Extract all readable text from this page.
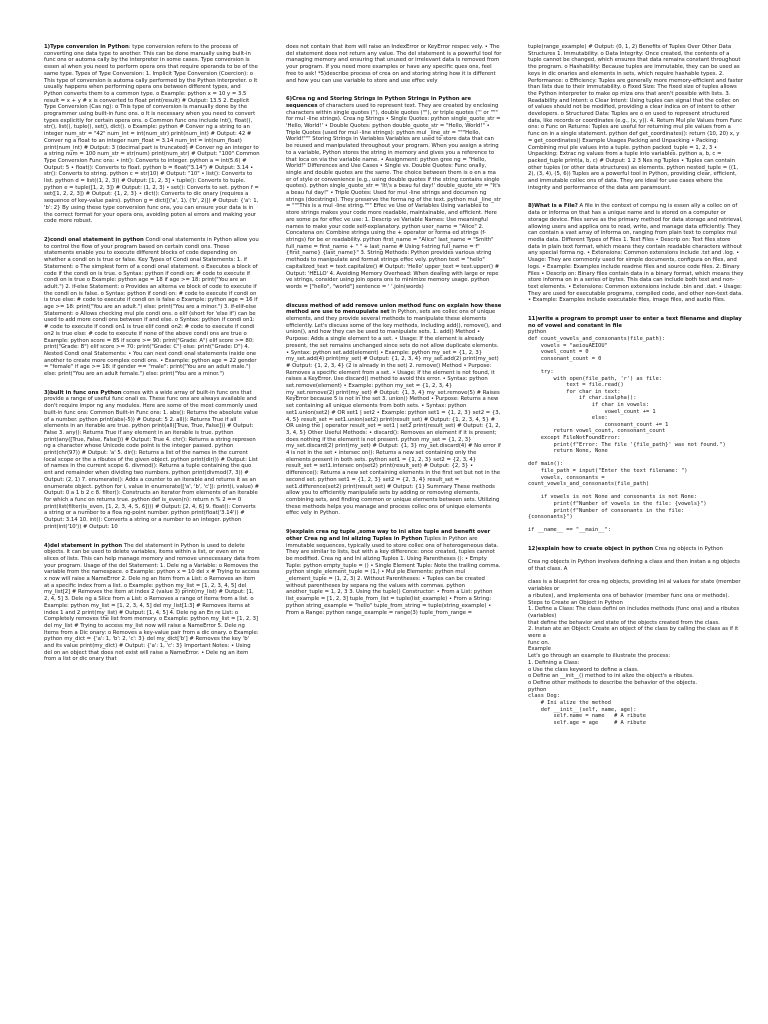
1)Type conversion in Python: type conversion refers to the process of converting one data type to another. This can be done manually using built-in func ons or automa cally by the interpreter in some cases. Type conversion is essen al when you need to perform opera ons that require operands to be of the same type. Types of Type Conversion: 1. Implicit Type Conversion (Coercion): o This type of conversion is automa cally performed by the Python interpreter. o It usually happens when performing opera ons between different types, and Python converts them to a common type. o Example: python x = 10 y = 3.5 result = x + y # x is converted to float print(result) # Output: 13.5 2. Explicit Type Conversion (Cas ng): o This type of conversion is manually done by the programmer using built-in func ons. o It is necessary when you need to convert types explicitly for certain opera ons. o Common func ons include int(), float(), str(), list(), tuple(), set(), dict(). o Example: python # Conver ng a string to an integer num_str = "42" num_int = int(num_str) print(num_int) # Output: 42 # Conver ng a float to an integer num_float = 3.14 num_int = int(num_float) print(num_int) # Output: 3 (decimal part is truncated) # Conver ng an integer to a string num = 100 num_str = str(num) print(num_str) # Output: "100" Common Type Conversion Func ons: • int(): Converts to integer. python a = int(5.6) # Output: 5 • float(): Converts to float. python b = float("3.14") # Output: 3.14 • str(): Converts to string. python c = str(10) # Output: "10" • list(): Converts to list. python d = list((1, 2, 3)) # Output: [1, 2, 3] • tuple(): Converts to tuple. python e = tuple([1, 2, 3]) # Output: (1, 2, 3) • set(): Converts to set. python f = set([1, 2, 2, 3]) # Output: {1, 2, 3} • dict(): Converts to dic onary (requires a sequence of key-value pairs). python g = dict([('a', 1), ('b', 2)]) # Output: {'a': 1, 'b': 2} By using these type conversion func ons, you can ensure your data is in the correct format for your opera ons, avoiding poten al errors and making your code more robust.
2)condi onal statement in python Condi onal statements in Python allow you to control the flow of your program based on certain condi ons. These statements enable you to execute different blocks of code depending on whether a condi on is true or false. Key Types of Condi onal Statements: 1. if Statement: o The simplest form of a condi onal statement. o Executes a block of code if the condi on is true. o Syntax: python if condi on: # code to execute if condi on is true o Example: python age = 18 if age >= 18: print("You are an adult.") 2. if-else Statement: o Provides an alterna ve block of code to execute if the condi on is false. o Syntax: python if condi on: # code to execute if condi on is true else: # code to execute if condi on is false o Example: python age = 16 if age >= 18: print("You are an adult.") else: print("You are a minor.") 3. if-elif-else Statement: o Allows checking mul ple condi ons. o elif (short for 'else if') can be used to add more condi ons between if and else. o Syntax: python if condi on1: # code to execute if condi on1 is true elif condi on2: # code to execute if condi on2 is true else: # code to execute if none of the above condi ons are true o Example: python score = 85 if score >= 90: print("Grade: A") elif score >= 80: print("Grade: B") elif score >= 70: print("Grade: C") else: print("Grade: D") 4. Nested Condi onal Statements: • You can nest condi onal statements inside one another to create more complex condi ons. • Example: python age = 22 gender = "female" if age >= 18: if gender == "male": print("You are an adult male.") else: print("You are an adult female.") else: print("You are a minor.")
3)built in func ons Python comes with a wide array of built-in func ons that provide a range of useful func onali es. These func ons are always available and don't require impor ng any modules. Here are some of the most commonly used built-in func ons: Common Built-in Func ons: 1. abs(): Returns the absolute value of a number. python print(abs(-5)) # Output: 5 2. all(): Returns True if all elements in an iterable are true. python print(all([True, True, False])) # Output: False 3. any(): Returns True if any element in an iterable is true. python print(any([True, False, False])) # Output: True 4. chr(): Returns a string represen ng a character whose Unicode code point is the integer passed. python print(chr(97)) # Output: 'a' 5. dir(): Returns a list of the names in the current local scope or the a ributes of the given object. python print(dir()) # Output: List of names in the current scope 6. divmod(): Returns a tuple containing the quo ent and remainder when dividing two numbers. python print(divmod(7, 3)) # Output: (2, 1) 7. enumerate(): Adds a counter to an iterable and returns it as an enumerate object. python for i, value in enumerate(['a', 'b', 'c']): print(i, value) # Output: 0 a 1 b 2 c 8. filter(): Constructs an iterator from elements of an iterable for which a func on returns true. python def is_even(n): return n % 2 == 0 print(list(filter(is_even, [1, 2, 3, 4, 5, 6]))) # Output: [2, 4, 6] 9. float(): Converts a string or a number to a floa ng-point number. python print(float('3.14')) # Output: 3.14 10. int(): Converts a string or a number to an integer. python print(int('10')) # Output: 10
4)del statement in python The del statement in Python is used to delete objects. It can be used to delete variables, items within a list, or even en re slices of lists. This can help manage memory and remove unnecessary data from your program. Usage of the del Statement: 1. Dele ng a Variable: o Removes the variable from the namespace. o Example: python x = 10 del x # Trying to access x now will raise a NameError 2. Dele ng an Item from a List: o Removes an item at a specific index from a list. o Example: python my_list = [1, 2, 3, 4, 5] del my_list[2] # Removes the item at index 2 (value 3) print(my_list) # Output: [1, 2, 4, 5] 3. Dele ng a Slice from a List: o Removes a range of items from a list. o Example: python my_list = [1, 2, 3, 4, 5] del my_list[1:3] # Removes items at index 1 and 2 print(my_list) # Output: [1, 4, 5] 4. Dele ng an En re List: o Completely removes the list from memory. o Example: python my_list = [1, 2, 3] del my_list # Trying to access my_list now will raise a NameError 5. Dele ng Items from a Dic onary: o Removes a key-value pair from a dic onary. o Example: python my_dict = {'a': 1, 'b': 2, 'c': 3} del my_dict['b'] # Removes the key 'b' and its value print(my_dict) # Output: {'a': 1, 'c': 3} Important Notes: • Using del on an object that does not exist will raise a NameError. • Dele ng an item from a list or dic onary that
does not contain that item will raise an IndexError or KeyError respec vely. • The del statement does not return any value. The del statement is a powerful tool for managing memory and ensuring that unused or irrelevant data is removed from your program. If you need more examples or have any specific ques ons, feel free to ask! *5)describe process of crea on and storing string how it is different and how you can use variable to store and use effec vely
6)Crea ng and Storing Strings in Python Strings in Python are sequences of characters used to represent text. They are created by enclosing characters within single quotes (''), double quotes (""), or triple quotes (''' or """ for mul -line strings). Crea ng Strings • Single Quotes: python single_quote_str = 'Hello, World!' • Double Quotes: python double_quote_str = "Hello, World!" • Triple Quotes (used for mul -line strings): python mul _line_str = """Hello, World!""" Storing Strings in Variables Variables are used to store data that can be reused and manipulated throughout your program. When you assign a string to a variable, Python stores the string in memory and gives you a reference to that loca on via the variable name. • Assignment: python gree ng = "Hello, World!" Differences and Use Cases • Single vs. Double Quotes: Func onally, single and double quotes are the same. The choice between them is o en a ma er of style or convenience (e.g., using double quotes if the string contains single quotes). python single_quote_str = 'It\'s a beau ful day!' double_quote_str = "It's a beau ful day!" • Triple Quotes: Used for mul -line strings and documen ng strings (docstrings). They preserve the forma ng of the text. python mul _line_str = """This is a mul -line string.""" Effec ve Use of Variables Using variables to store strings makes your code more readable, maintainable, and efficient. Here are some ps for effec ve use: 1. Descrip ve Variable Names: Use meaningful names to make your code self-explanatory. python user_name = "Alice" 2. Concatena on: Combine strings using the + operator or forma ed strings (f-strings) for be er readability. python first_name = "Alice" last_name = "Smith" full_name = first_name + " " + last_name # Using f-string full_name = f"{first_name} {last_name}" 3. String Methods: Python provides various string methods to manipulate and format strings effec vely. python text = "hello" capitalized_text = text.capitalize() # Output: 'Hello' upper_text = text.upper() # Output: 'HELLO' 4. Avoiding Memory Overhead: When dealing with large or repe ve strings, consider using join opera ons to minimize memory usage. python words = ["hello", "world"] sentence = ' '.join(words)
discuss method of add remove union method func on explain how these method are use to menupulate set In Python, sets are collec ons of unique elements, and they provide several methods to manipulate these elements efficiently. Let's discuss some of the key methods, including add(), remove(), and union(), and how they can be used to manipulate sets. 1. add() Method • Purpose: Adds a single element to a set. • Usage: If the element is already present, the set remains unchanged since sets do not allow duplicate elements. • Syntax: python set.add(element) • Example: python my_set = {1, 2, 3} my_set.add(4) print(my_set) # Output: {1, 2, 3, 4} my_set.add(2) print(my_set) # Output: {1, 2, 3, 4} (2 is already in the set) 2. remove() Method • Purpose: Removes a specific element from a set. • Usage: If the element is not found, it raises a KeyError. Use discard() method to avoid this error. • Syntax: python set.remove(element) • Example: python my_set = {1, 2, 3, 4} my_set.remove(2) print(my_set) # Output: {1, 3, 4} my_set.remove(5) # Raises KeyError because 5 is not in the set 3. union() Method • Purpose: Returns a new set containing all unique elements from both sets. • Syntax: python set1.union(set2) # OR set1 | set2 • Example: python set1 = {1, 2, 3} set2 = {3, 4, 5} result_set = set1.union(set2) print(result_set) # Output: {1, 2, 3, 4, 5} # OR using the | operator result_set = set1 | set2 print(result_set) # Output: {1, 2, 3, 4, 5} Other Useful Methods: • discard(): Removes an element if it is present; does nothing if the element is not present. python my_set = {1, 2, 3} my_set.discard(2) print(my_set) # Output: {1, 3} my_set.discard(4) # No error if 4 is not in the set • intersec on(): Returns a new set containing only the elements present in both sets. python set1 = {1, 2, 3} set2 = {2, 3, 4} result_set = set1.intersec on(set2) print(result_set) # Output: {2, 3} • difference(): Returns a new set containing elements in the first set but not in the second set. python set1 = {1, 2, 3} set2 = {2, 3, 4} result_set = set1.difference(set2) print(result_set) # Output: {1} Summary These methods allow you to efficiently manipulate sets by adding or removing elements, combining sets, and finding common or unique elements between sets. Utilizing these methods helps you manage and process collec ons of unique elements effec vely in Python.
9)explain crea ng tuple ,some way to ini alize tuple and benefit over other Crea ng and Ini alizing Tuples in Python Tuples in Python are immutable sequences, typically used to store collec ons of heterogeneous data. They are similar to lists, but with a key difference: once created, tuples cannot be modified. Crea ng and Ini alizing Tuples 1. Using Parentheses (): • Empty Tuple: python empty_tuple = () • Single Element Tuple: Note the trailing comma. python single_element_tuple = (1,) • Mul ple Elements: python mul _element_tuple = (1, 2, 3) 2. Without Parentheses: • Tuples can be created without parentheses by separa ng the values with commas. python another_tuple = 1, 2, 3 3. Using the tuple() Constructor: • From a List: python list_example = [1, 2, 3] tuple_from_list = tuple(list_example) • From a String: python string_example = "hello" tuple_from_string = tuple(string_example) • From a Range: python range_example = range(3) tuple_from_range =
tuple(range_example) # Output: (0, 1, 2) Benefits of Tuples Over Other Data Structures 1. Immutability: o Data Integrity: Once created, the contents of a tuple cannot be changed, which ensures that data remains constant throughout the program. o Hashability: Because tuples are immutable, they can be used as keys in dic onaries and elements in sets, which require hashable types. 2. Performance: o Efficiency: Tuples are generally more memory-efficient and faster than lists due to their immutability. o Fixed Size: The fixed size of tuples allows the Python interpreter to make op miza ons that aren't possible with lists. 3. Readability and Intent: o Clear Intent: Using tuples can signal that the collec on of values should not be modified, providing a clear indica on of intent to other developers. o Structured Data: Tuples are o en used to represent structured data, like records or coordinates (e.g., (x, y)). 4. Return Mul ple Values from Func ons: o Func on Returns: Tuples are useful for returning mul ple values from a func on in a single statement. python def get_coordinates(): return (10, 20) x, y = get_coordinates() Example Usages Packing and Unpacking • Packing: Combining mul ple values into a tuple. python packed_tuple = 1, 2, 3 • Unpacking: Extrac ng values from a tuple into variables. python a, b, c = packed_tuple print(a, b, c) # Output: 1 2 3 Nes ng Tuples • Tuples can contain other tuples (or other data structures) as elements. python nested_tuple = ((1, 2), (3, 4), (5, 6)) Tuples are a powerful tool in Python, providing clear, efficient, and immutable collec ons of data. They are ideal for use cases where the integrity and performance of the data are paramount.
8)What is a File? A file in the context of compu ng is essen ally a collec on of data or informa on that has a unique name and is stored on a computer or storage device. Files serve as the primary method for data storage and retrieval, allowing users and applica ons to read, write, and manage data efficiently. They can contain a vast array of informa on, ranging from plain text to complex mul media data. Different Types of Files 1. Text Files • Descrip on: Text files store data in plain text format, which means they contain readable characters without any special forma ng. • Extensions: Common extensions include .txt and .log. • Usage: They are commonly used for simple documents, configura on files, and logs. • Example: Examples include readme files and source code files. 2. Binary Files • Descrip on: Binary files contain data in a binary format, which means they store informa on in a series of bytes. This data can include both text and non-text elements. • Extensions: Common extensions include .bin and .dat. • Usage: They are used for executable programs, compiled code, and other non-text data. • Example: Examples include executable files, image files, and audio files.
11)write a program to prompt user to enter a text filename and display no of vowel and constant in file
python
def count_vowels_and_consonants(file_path):
vowels = "aeiouAEIOU"
vowel_count = 0
consonant_count = 0

try:
with open(file_path, 'r') as file:
text = file.read()
for char in text:
if char.isalpha():
if char in vowels:
vowel_count += 1
else:
consonant_count += 1
return vowel_count, consonant_count
except FileNotFoundError:
print(f"Error: The file '{file_path}' was not found.")
return None, None

def main():
file_path = input("Enter the text filename: ")
vowels, consonants =
count_vowels_and_consonants(file_path)

if vowels is not None and consonants is not None:
print(f"Number of vowels in the file: {vowels}")
print(f"Number of consonants in the file:
{consonants}")

if __name__ == "__main__":
12)explain how to create object in python Crea ng objects in Python

Crea ng objects in Python involves defining a class and then instan a ng objects of that class. A

class is a blueprint for crea ng objects, providing ini al values for state (member variables or
a ributes), and implementa ons of behavior (member func ons or methods).
Steps to Create an Object in Python
1. Define a Class: The class defini on includes methods (func ons) and a ributes (variables)
that define the behavior and state of the objects created from the class.
2. Instan ate an Object: Create an object of the class by calling the class as if it were a
func on.
Example
Let's go through an example to illustrate the process:
1. Defining a Class:
o Use the class keyword to define a class.
o Define an __init__() method to ini alize the object's a ributes.
o Define other methods to describe the behavior of the objects.
python
class Dog:
# Ini alize the method
def __init__(self, name, age):
self.name = name   # A ribute
self.age = age     # A ribute
